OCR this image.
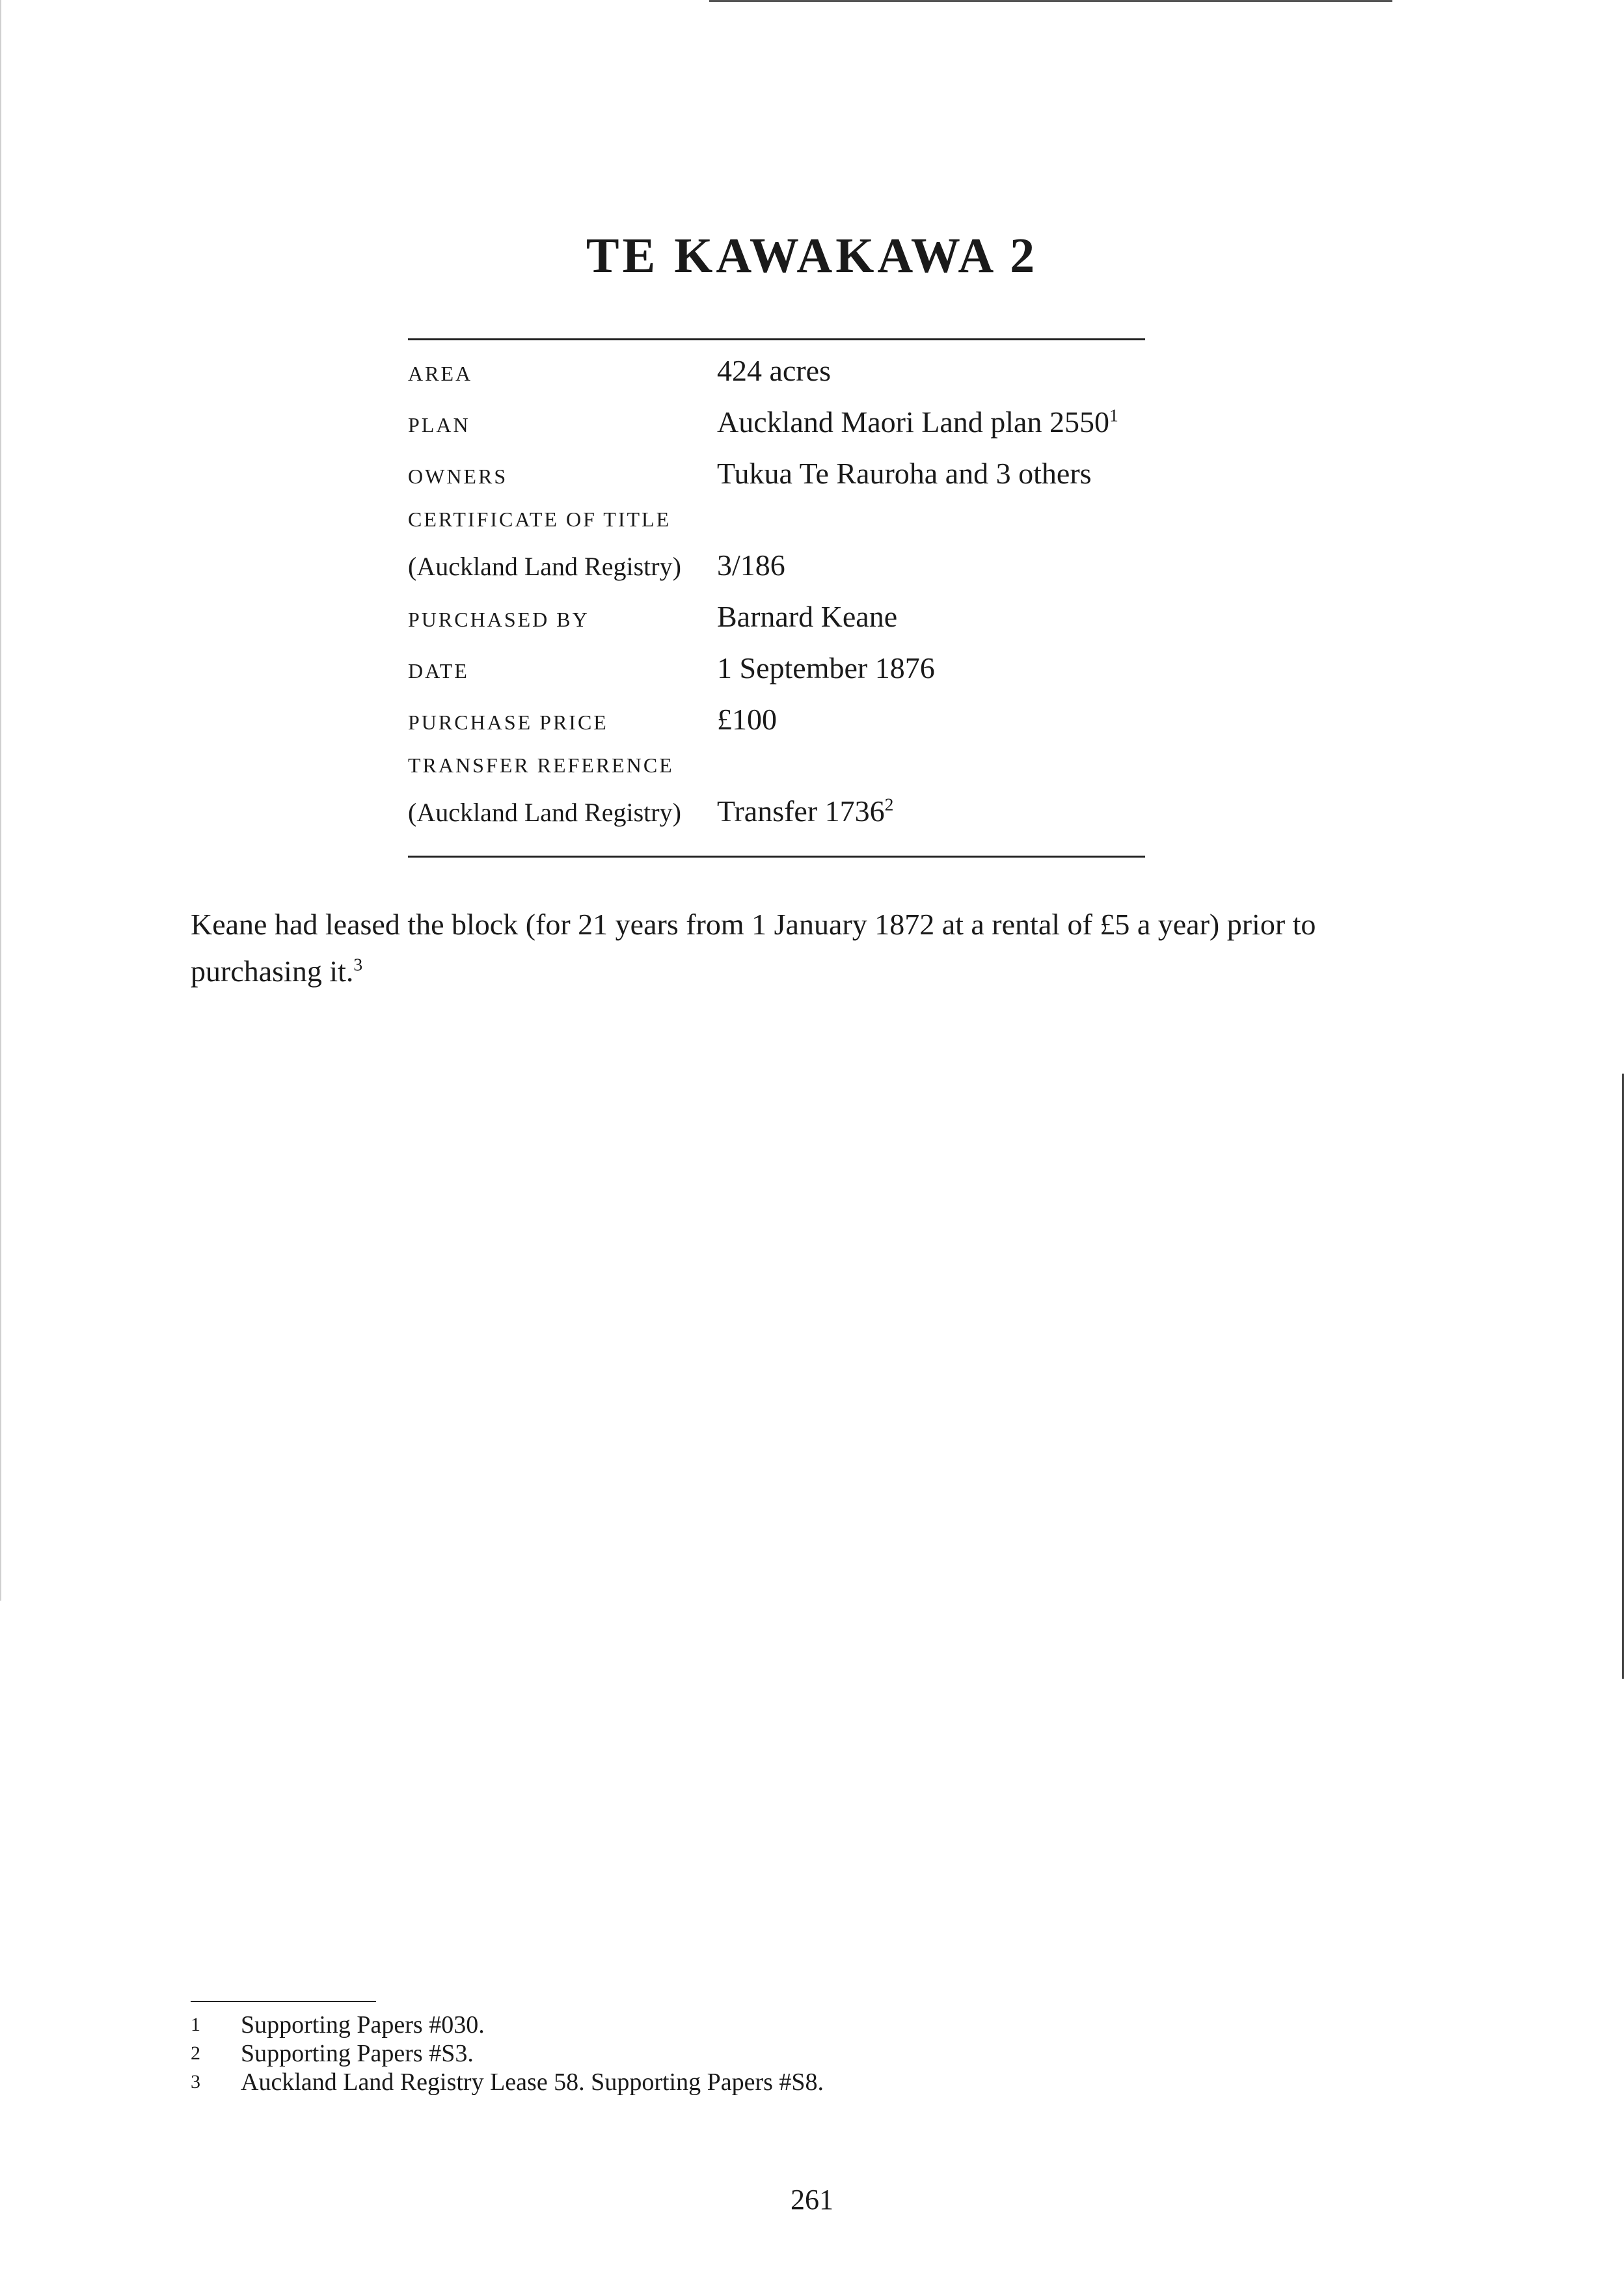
TE KAWAKAWA 2
AREA	424 acres
PLAN	Auckland Maori Land plan 2550$^1$
OWNERS	Tukua Te Rauroha and 3 others
CERTIFICATE OF TITLE
(Auckland Land Registry)	3/186
PURCHASED BY	Barnard Keane
DATE	1 September 1876
PURCHASE PRICE	£100
TRANSFER REFERENCE
(Auckland Land Registry)	Transfer 1736$^2$

Keane had leased the block (for 21 years from 1 January 1872 at a rental of £5 a year) prior to purchasing it.$^3$

1	Supporting Papers #030.
2	Supporting Papers #S3.
3	Auckland Land Registry Lease 58. Supporting Papers #S8.
261
